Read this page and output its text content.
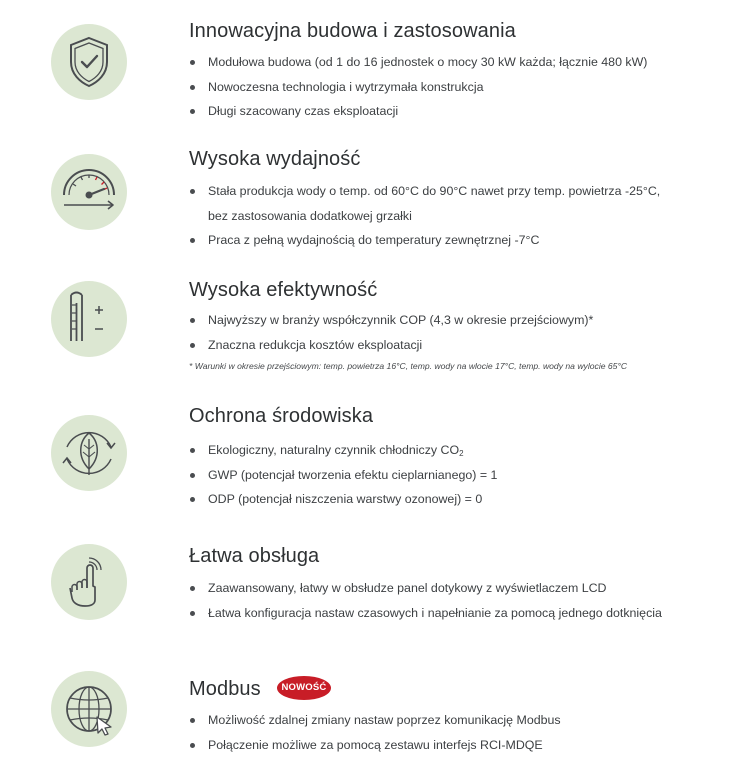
Innowacyjna budowa i zastosowania
Modułowa budowa (od 1 do 16 jednostek o mocy 30 kW każda; łącznie 480 kW)
Nowoczesna technologia i wytrzymała konstrukcja
Długi szacowany czas eksploatacji
Wysoka wydajność
Stała produkcja wody o temp. od 60°C do 90°C nawet przy temp. powietrza -25°C,
bez zastosowania dodatkowej grzałki
Praca z pełną wydajnością do temperatury zewnętrznej -7°C
Wysoka efektywność
Najwyższy w branży współczynnik COP (4,3 w okresie przejściowym)*
Znaczna redukcja kosztów eksploatacji

* Warunki w okresie przejściowym: temp. powietrza 16°C, temp. wody na wlocie 17°C, temp. wody na wylocie 65°C

Ochrona środowiska
Ekologiczny, naturalny czynnik chłodniczy $CO_2$
GWP (potencjał tworzenia efektu cieplarnianego) = 1
ODP (potencjał niszczenia warstwy ozonowej) = 0
Łatwa obsługa
Zaawansowany, łatwy w obsłudze panel dotykowy z wyświetlaczem LCD
Łatwa konfiguracja nastaw czasowych i napełnianie za pomocą jednego dotknięcia
Modbus	NOWOŚĆ
Możliwość zdalnej zmiany nastaw poprzez komunikację Modbus
Połączenie możliwe za pomocą zestawu interfejs RCI-MDQE
